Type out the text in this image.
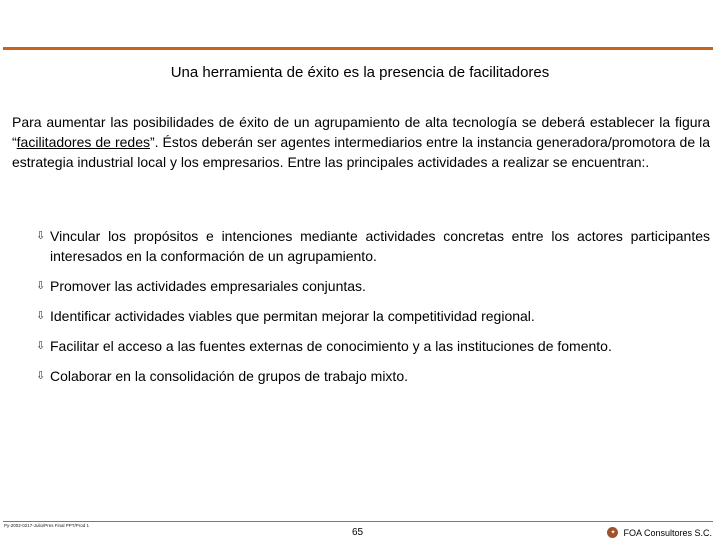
Una herramienta de éxito es la presencia de facilitadores

Para aumentar las posibilidades de éxito de un agrupamiento de alta tecnología se deberá establecer la figura “facilitadores de redes”. Éstos deberán ser agentes intermediarios entre la instancia generadora/promotora de la estrategia industrial local y los empresarios. Entre las principales actividades a realizar se encuentran:.

⇩ Vincular los propósitos e intenciones mediante actividades concretas entre los actores participantes interesados en la conformación de un agrupamiento.
⇩ Promover las actividades empresariales conjuntas.
⇩ Identificar actividades viables que permitan mejorar la competitividad regional.
⇩ Facilitar el acceso a las fuentes externas de conocimiento y a las instituciones de fomento.
⇩ Colaborar en la consolidación de grupos de trabajo mixto.
Py-2002-0217-Julio/Pres Final PPT/Prod 1
65	✦ FOA Consultores S.C.
